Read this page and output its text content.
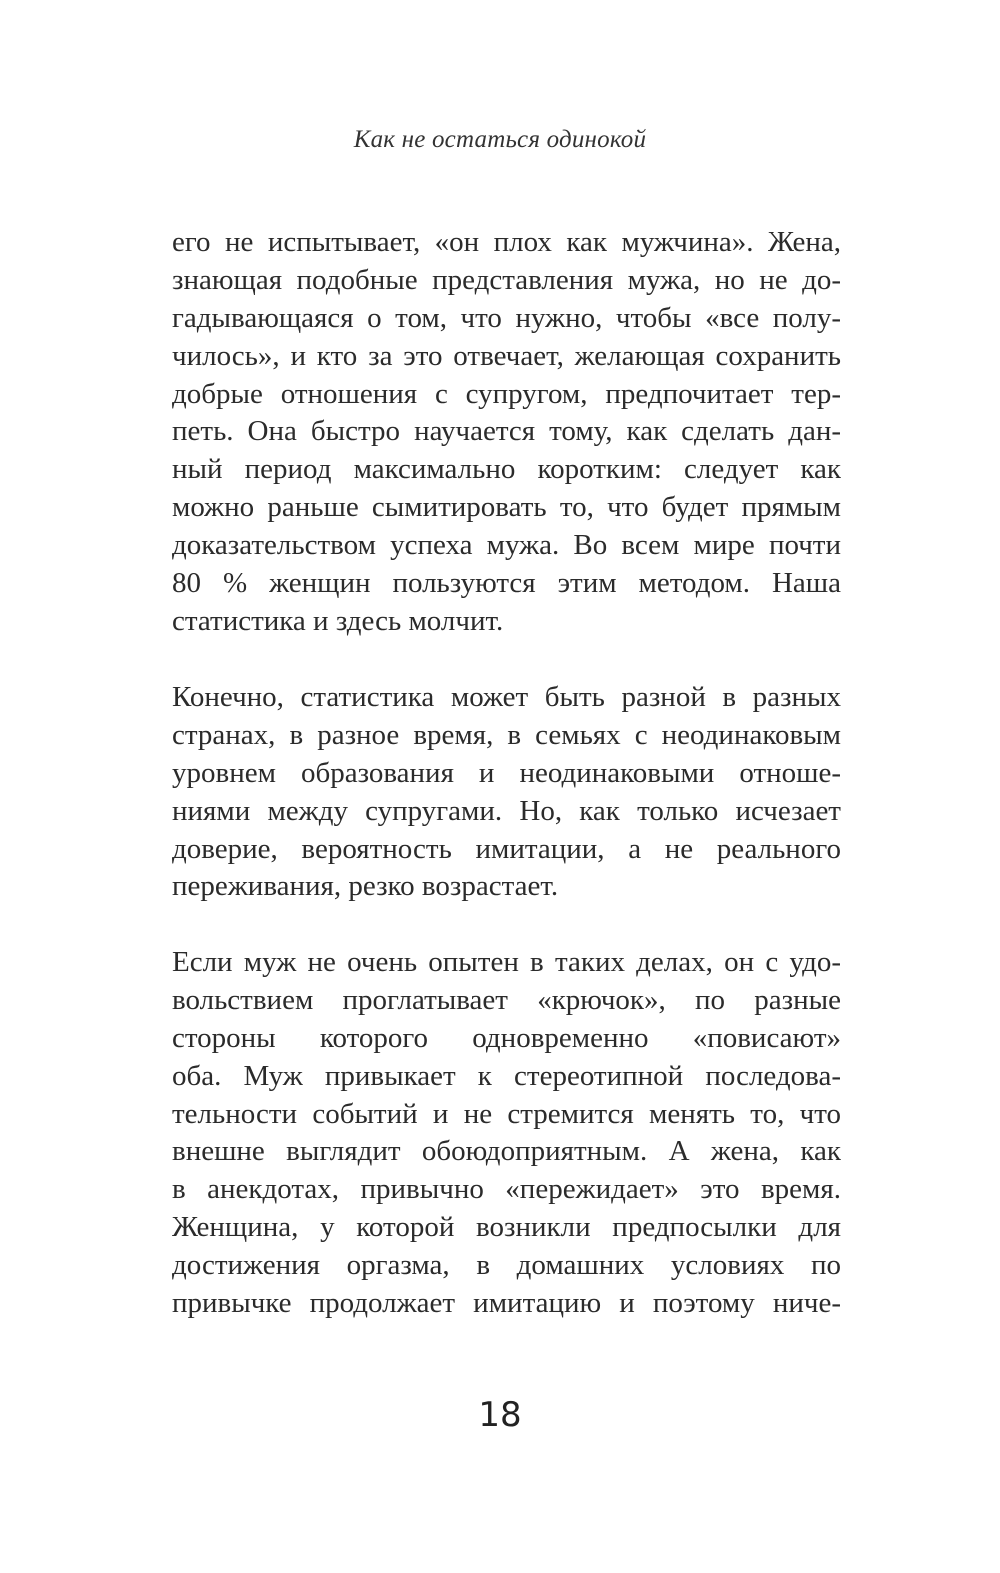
Как не остаться одинокой
его не испытывает, «он плох как мужчина». Жена,
знающая подобные представления мужа, но не до-
гадывающаяся о том, что нужно, чтобы «все полу-
чилось», и кто за это отвечает, желающая сохранить
добрые отношения с супругом, предпочитает тер-
петь. Она быстро научается тому, как сделать дан-
ный период максимально коротким: следует как
можно раньше сымитировать то, что будет прямым
доказательством успеха мужа. Во всем мире почти
80 % женщин пользуются этим методом. Наша
статистика и здесь молчит.
Конечно, статистика может быть разной в разных
странах, в разное время, в семьях с неодинаковым
уровнем образования и неодинаковыми отноше-
ниями между супругами. Но, как только исчезает
доверие, вероятность имитации, а не реального
переживания, резко возрастает.
Если муж не очень опытен в таких делах, он с удо-
вольствием проглатывает «крючок», по разные
стороны которого одновременно «повисают»
оба. Муж привыкает к стереотипной последова-
тельности событий и не стремится менять то, что
внешне выглядит обоюдоприятным. А жена, как
в анекдотах, привычно «пережидает» это время.
Женщина, у которой возникли предпосылки для
достижения оргазма, в домашних условиях по
привычке продолжает имитацию и поэтому ниче-
18
